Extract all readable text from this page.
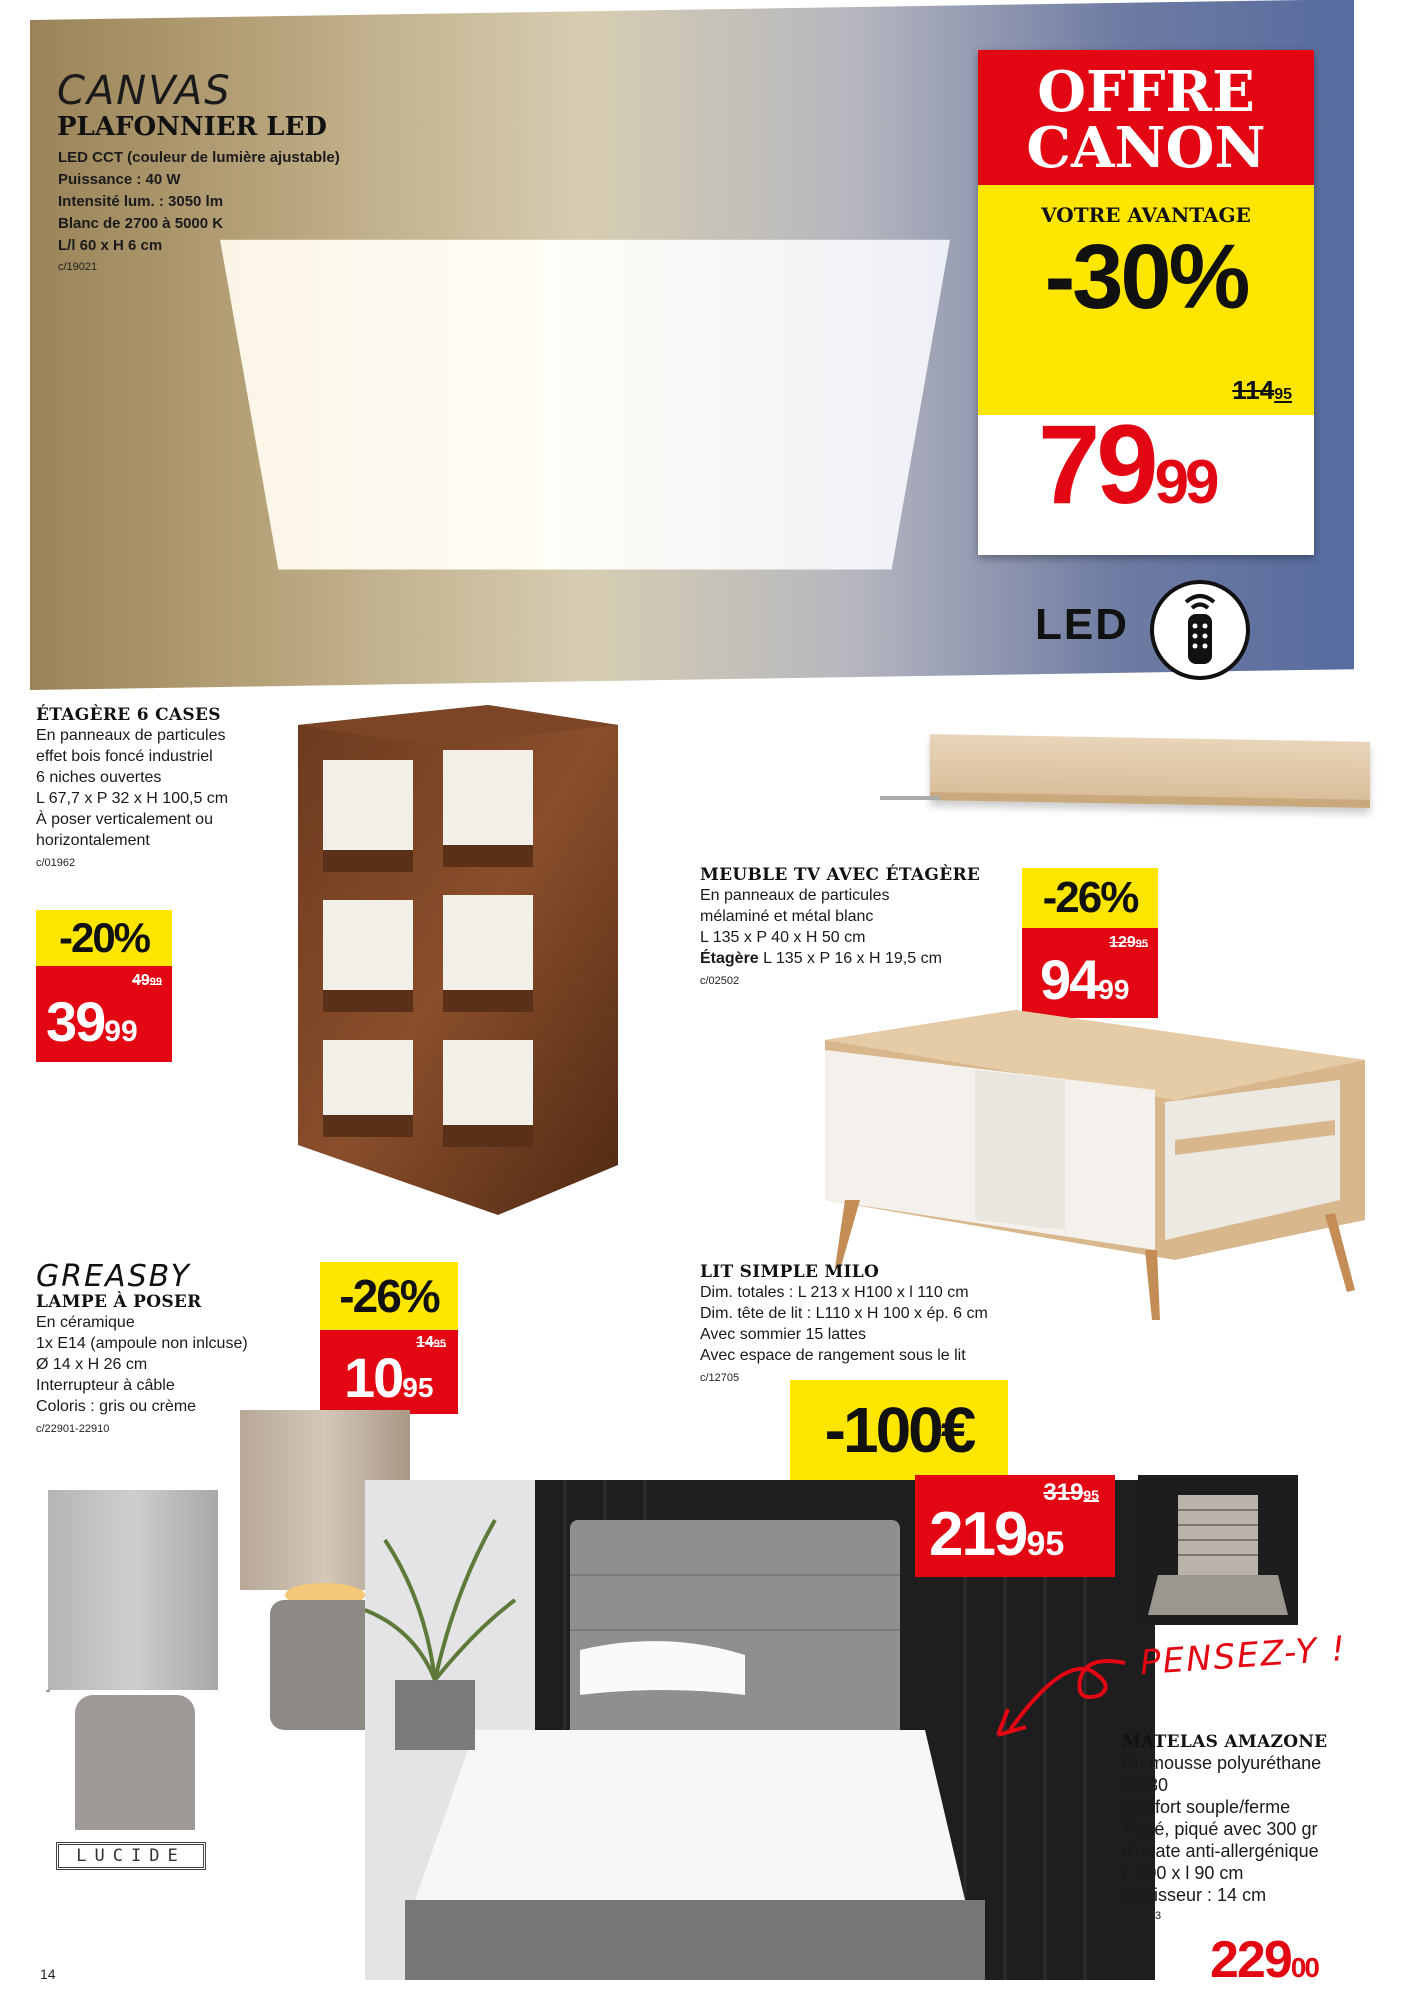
CANVAS
PLAFONNIER LED
LED CCT (couleur de lumière ajustable)
Puissance : 40 W
Intensité lum. : 3050 lm
Blanc de 2700 à 5000 K
L/l 60 x H 6 cm
c/19021
OFFRE
CANON
VOTRE AVANTAGE
-30%
11495
7999
LED
ÉTAGÈRE 6 CASES
En panneaux de particules
effet bois foncé industriel
6 niches ouvertes
L 67,7 x P 32 x H 100,5 cm
À poser verticalement ou
horizontalement
c/01962
-20%
4999
3999
MEUBLE TV AVEC ÉTAGÈRE
En panneaux de particules
mélaminé et métal blanc
L 135 x P 40 x H 50 cm
Étagère L 135 x P 16 x H 19,5 cm
c/02502
-26%
12995
9499
GREASBY
LAMPE À POSER
En céramique
1x E14 (ampoule non inlcuse)
Ø 14 x H 26 cm
Interrupteur à câble
Coloris : gris ou crème
c/22901-22910
-26%
1495
1095
LUCIDE
LIT SIMPLE MILO
Dim. totales : L 213 x H100 x l 110 cm
Dim. tête de lit : L110 x H 100 x ép. 6 cm
Avec sommier 15 lattes
Avec espace de rangement sous le lit
c/12705
-100€
31995
21995
PENSEZ-Y !
MATELAS AMAZONE
En mousse polyuréthane
SG30
Confort souple/ferme
Tissé, piqué avec 300 gr
d'ouate anti-allergénique
L 200 x l 90 cm
Épaisseur : 14 cm
c/26163
22900
14
